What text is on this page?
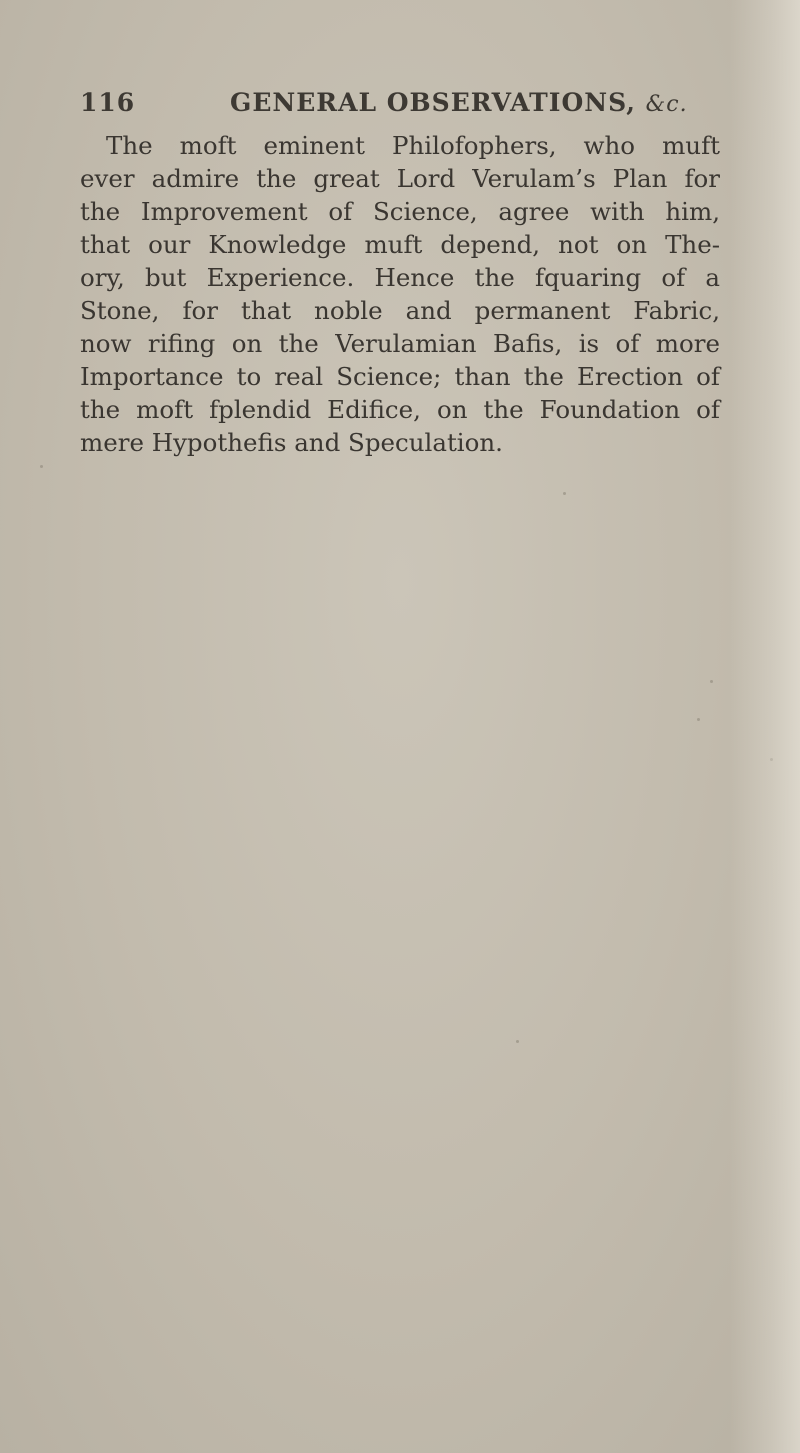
116	GENERAL OBSERVATIONS, &c.
The moft eminent Philofophers, who muft
ever admire the great Lord Verulam’s Plan for
the Improvement of Science, agree with him,
that our Knowledge muft depend, not on The-
ory, but Experience. Hence the fquaring of a
Stone, for that noble and permanent Fabric,
now rifing on the Verulamian Bafis, is of more
Importance to real Science; than the Erection of
the moft fplendid Edifice, on the Foundation of
mere Hypothefis and Speculation.
